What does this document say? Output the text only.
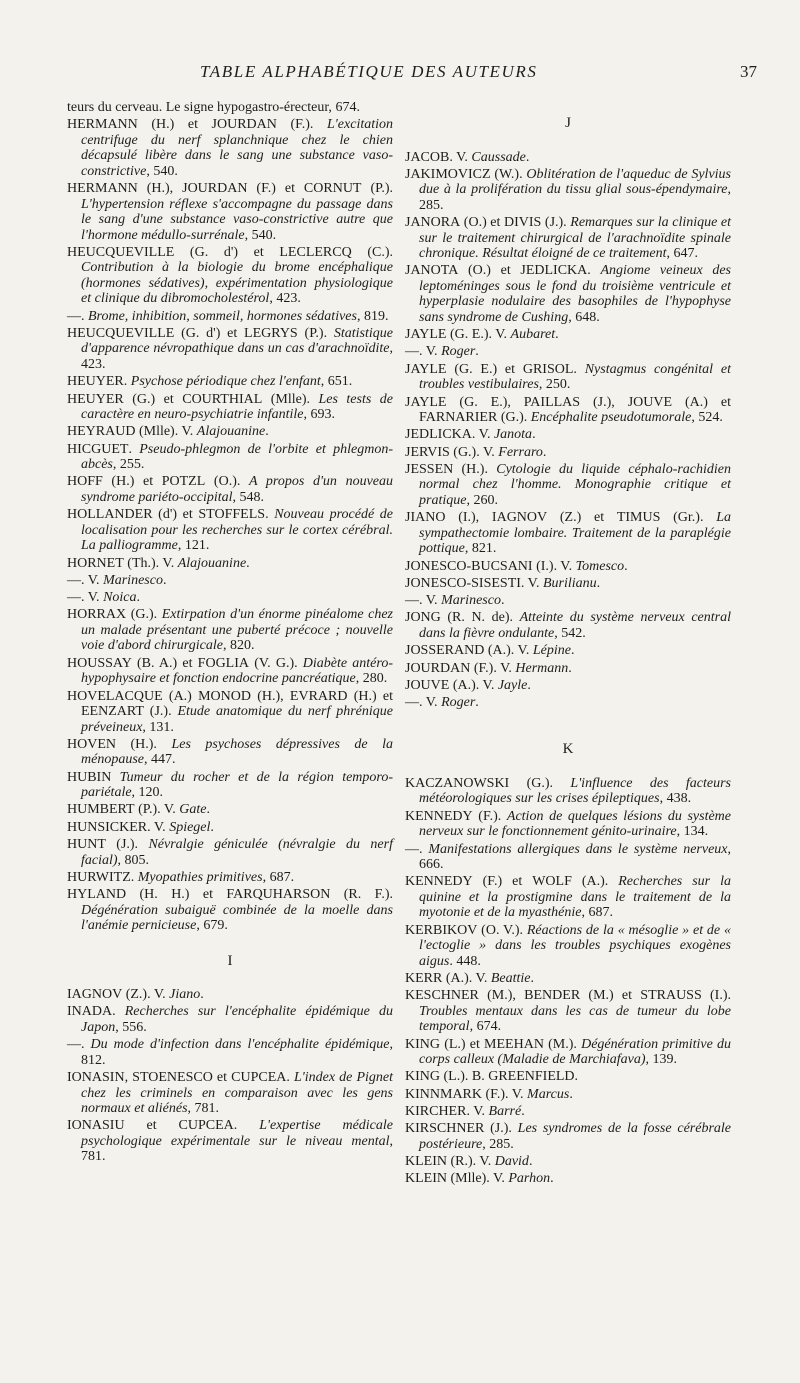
TABLE ALPHABÉTIQUE DES AUTEURS	37

teurs du cerveau. Le signe hypogastro-érecteur, 674.

HERMANN (H.) et JOURDAN (F.). L'excitation centrifuge du nerf splanchnique chez le chien décapsulé libère dans le sang une substance vaso-constrictive, 540.

HERMANN (H.), JOURDAN (F.) et CORNUT (P.). L'hypertension réflexe s'accompagne du passage dans le sang d'une substance vaso-constrictive autre que l'hormone médullo-surrénale, 540.

HEUCQUEVILLE (G. d') et LECLERCQ (C.). Contribution à la biologie du brome encéphalique (hormones sédatives), expérimentation physiologique et clinique du dibromocholestérol, 423.

—. Brome, inhibition, sommeil, hormones sédatives, 819.

HEUCQUEVILLE (G. d') et LEGRYS (P.). Statistique d'apparence névropathique dans un cas d'arachnoïdite, 423.

HEUYER. Psychose périodique chez l'enfant, 651.

HEUYER (G.) et COURTHIAL (Mlle). Les tests de caractère en neuro-psychiatrie infantile, 693.

HEYRAUD (Mlle). V. Alajouanine.

HICGUET. Pseudo-phlegmon de l'orbite et phlegmon-abcès, 255.

HOFF (H.) et POTZL (O.). A propos d'un nouveau syndrome pariéto-occipital, 548.

HOLLANDER (d') et STOFFELS. Nouveau procédé de localisation pour les recherches sur le cortex cérébral. La palliogramme, 121.

HORNET (Th.). V. Alajouanine.

—. V. Marinesco.

—. V. Noica.

HORRAX (G.). Extirpation d'un énorme pinéalome chez un malade présentant une puberté précoce ; nouvelle voie d'abord chirurgicale, 820.

HOUSSAY (B. A.) et FOGLIA (V. G.). Diabète antéro-hypophysaire et fonction endocrine pancréatique, 280.

HOVELACQUE (A.) MONOD (H.), EVRARD (H.) et EENZART (J.). Etude anatomique du nerf phrénique préveineux, 131.

HOVEN (H.). Les psychoses dépressives de la ménopause, 447.

HUBIN Tumeur du rocher et de la région temporo-pariétale, 120.

HUMBERT (P.). V. Gate.

HUNSICKER. V. Spiegel.

HUNT (J.). Névralgie géniculée (névralgie du nerf facial), 805.

HURWITZ. Myopathies primitives, 687.

HYLAND (H. H.) et FARQUHARSON (R. F.). Dégénération subaiguë combinée de la moelle dans l'anémie pernicieuse, 679.

I

IAGNOV (Z.). V. Jiano.

INADA. Recherches sur l'encéphalite épidémique du Japon, 556.

—. Du mode d'infection dans l'encéphalite épidémique, 812.

IONASIN, STOENESCO et CUPCEA. L'index de Pignet chez les criminels en comparaison avec les gens normaux et aliénés, 781.

IONASIU et CUPCEA. L'expertise médicale psychologique expérimentale sur le niveau mental, 781.

J

JACOB. V. Caussade.

JAKIMOVICZ (W.). Oblitération de l'aqueduc de Sylvius due à la prolifération du tissu glial sous-épendymaire, 285.

JANORA (O.) et DIVIS (J.). Remarques sur la clinique et sur le traitement chirurgical de l'arachnoïdite spinale chronique. Résultat éloigné de ce traitement, 647.

JANOTA (O.) et JEDLICKA. Angiome veineux des leptoméninges sous le fond du troisième ventricule et hyperplasie nodulaire des basophiles de l'hypophyse sans syndrome de Cushing, 648.

JAYLE (G. E.). V. Aubaret.

—. V. Roger.

JAYLE (G. E.) et GRISOL. Nystagmus congénital et troubles vestibulaires, 250.

JAYLE (G. E.), PAILLAS (J.), JOUVE (A.) et FARNARIER (G.). Encéphalite pseudotumorale, 524.

JEDLICKA. V. Janota.

JERVIS (G.). V. Ferraro.

JESSEN (H.). Cytologie du liquide céphalo-rachidien normal chez l'homme. Monographie critique et pratique, 260.

JIANO (I.), IAGNOV (Z.) et TIMUS (Gr.). La sympathectomie lombaire. Traitement de la paraplégie pottique, 821.

JONESCO-BUCSANI (I.). V. Tomesco.

JONESCO-SISESTI. V. Burilianu.

—. V. Marinesco.

JONG (R. N. de). Atteinte du système nerveux central dans la fièvre ondulante, 542.

JOSSERAND (A.). V. Lépine.

JOURDAN (F.). V. Hermann.

JOUVE (A.). V. Jayle.

—. V. Roger.

K

KACZANOWSKI (G.). L'influence des facteurs météorologiques sur les crises épileptiques, 438.

KENNEDY (F.). Action de quelques lésions du système nerveux sur le fonctionnement génito-urinaire, 134.

—. Manifestations allergiques dans le système nerveux, 666.

KENNEDY (F.) et WOLF (A.). Recherches sur la quinine et la prostigmine dans le traitement de la myotonie et de la myasthénie, 687.

KERBIKOV (O. V.). Réactions de la « mésoglie » et de « l'ectoglie » dans les troubles psychiques exogènes aigus. 448.

KERR (A.). V. Beattie.

KESCHNER (M.), BENDER (M.) et STRAUSS (I.). Troubles mentaux dans les cas de tumeur du lobe temporal, 674.

KING (L.) et MEEHAN (M.). Dégénération primitive du corps calleux (Maladie de Marchiafava), 139.

KING (L.). B. GREENFIELD.

KINNMARK (F.). V. Marcus.

KIRCHER. V. Barré.

KIRSCHNER (J.). Les syndromes de la fosse cérébrale postérieure, 285.

KLEIN (R.). V. David.

KLEIN (Mlle). V. Parhon.
